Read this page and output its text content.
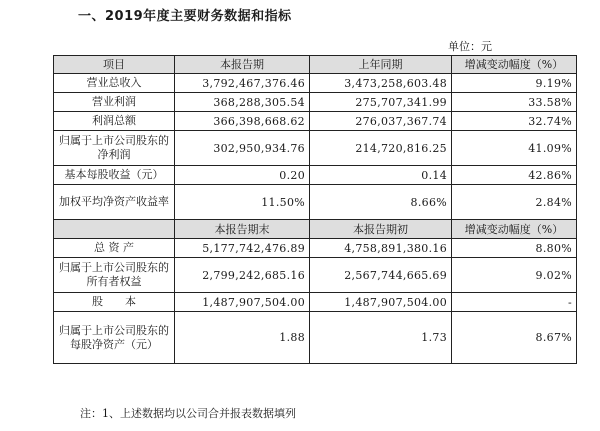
一、2019年度主要财务数据和指标
单位：元
项目	本报告期	上年同期	增减变动幅度（%）
营业总收入	3,792,467,376.46	3,473,258,603.48	9.19%
营业利润	368,288,305.54	275,707,341.99	33.58%
利润总额	366,398,668.62	276,037,367.74	32.74%
归属于上市公司股东的净利润	302,950,934.76	214,720,816.25	41.09%
基本每股收益（元）	0.20	0.14	42.86%
加权平均净资产收益率	11.50%	8.66%	2.84%
	本报告期末	本报告期初	增减变动幅度（%）
总 资 产	5,177,742,476.89	4,758,891,380.16	8.80%
归属于上市公司股东的所有者权益	2,799,242,685.16	2,567,744,665.69	9.02%
股　　本	1,487,907,504.00	1,487,907,504.00	-
归属于上市公司股东的每股净资产（元）	1.88	1.73	8.67%
注：1、上述数据均以公司合并报表数据填列
